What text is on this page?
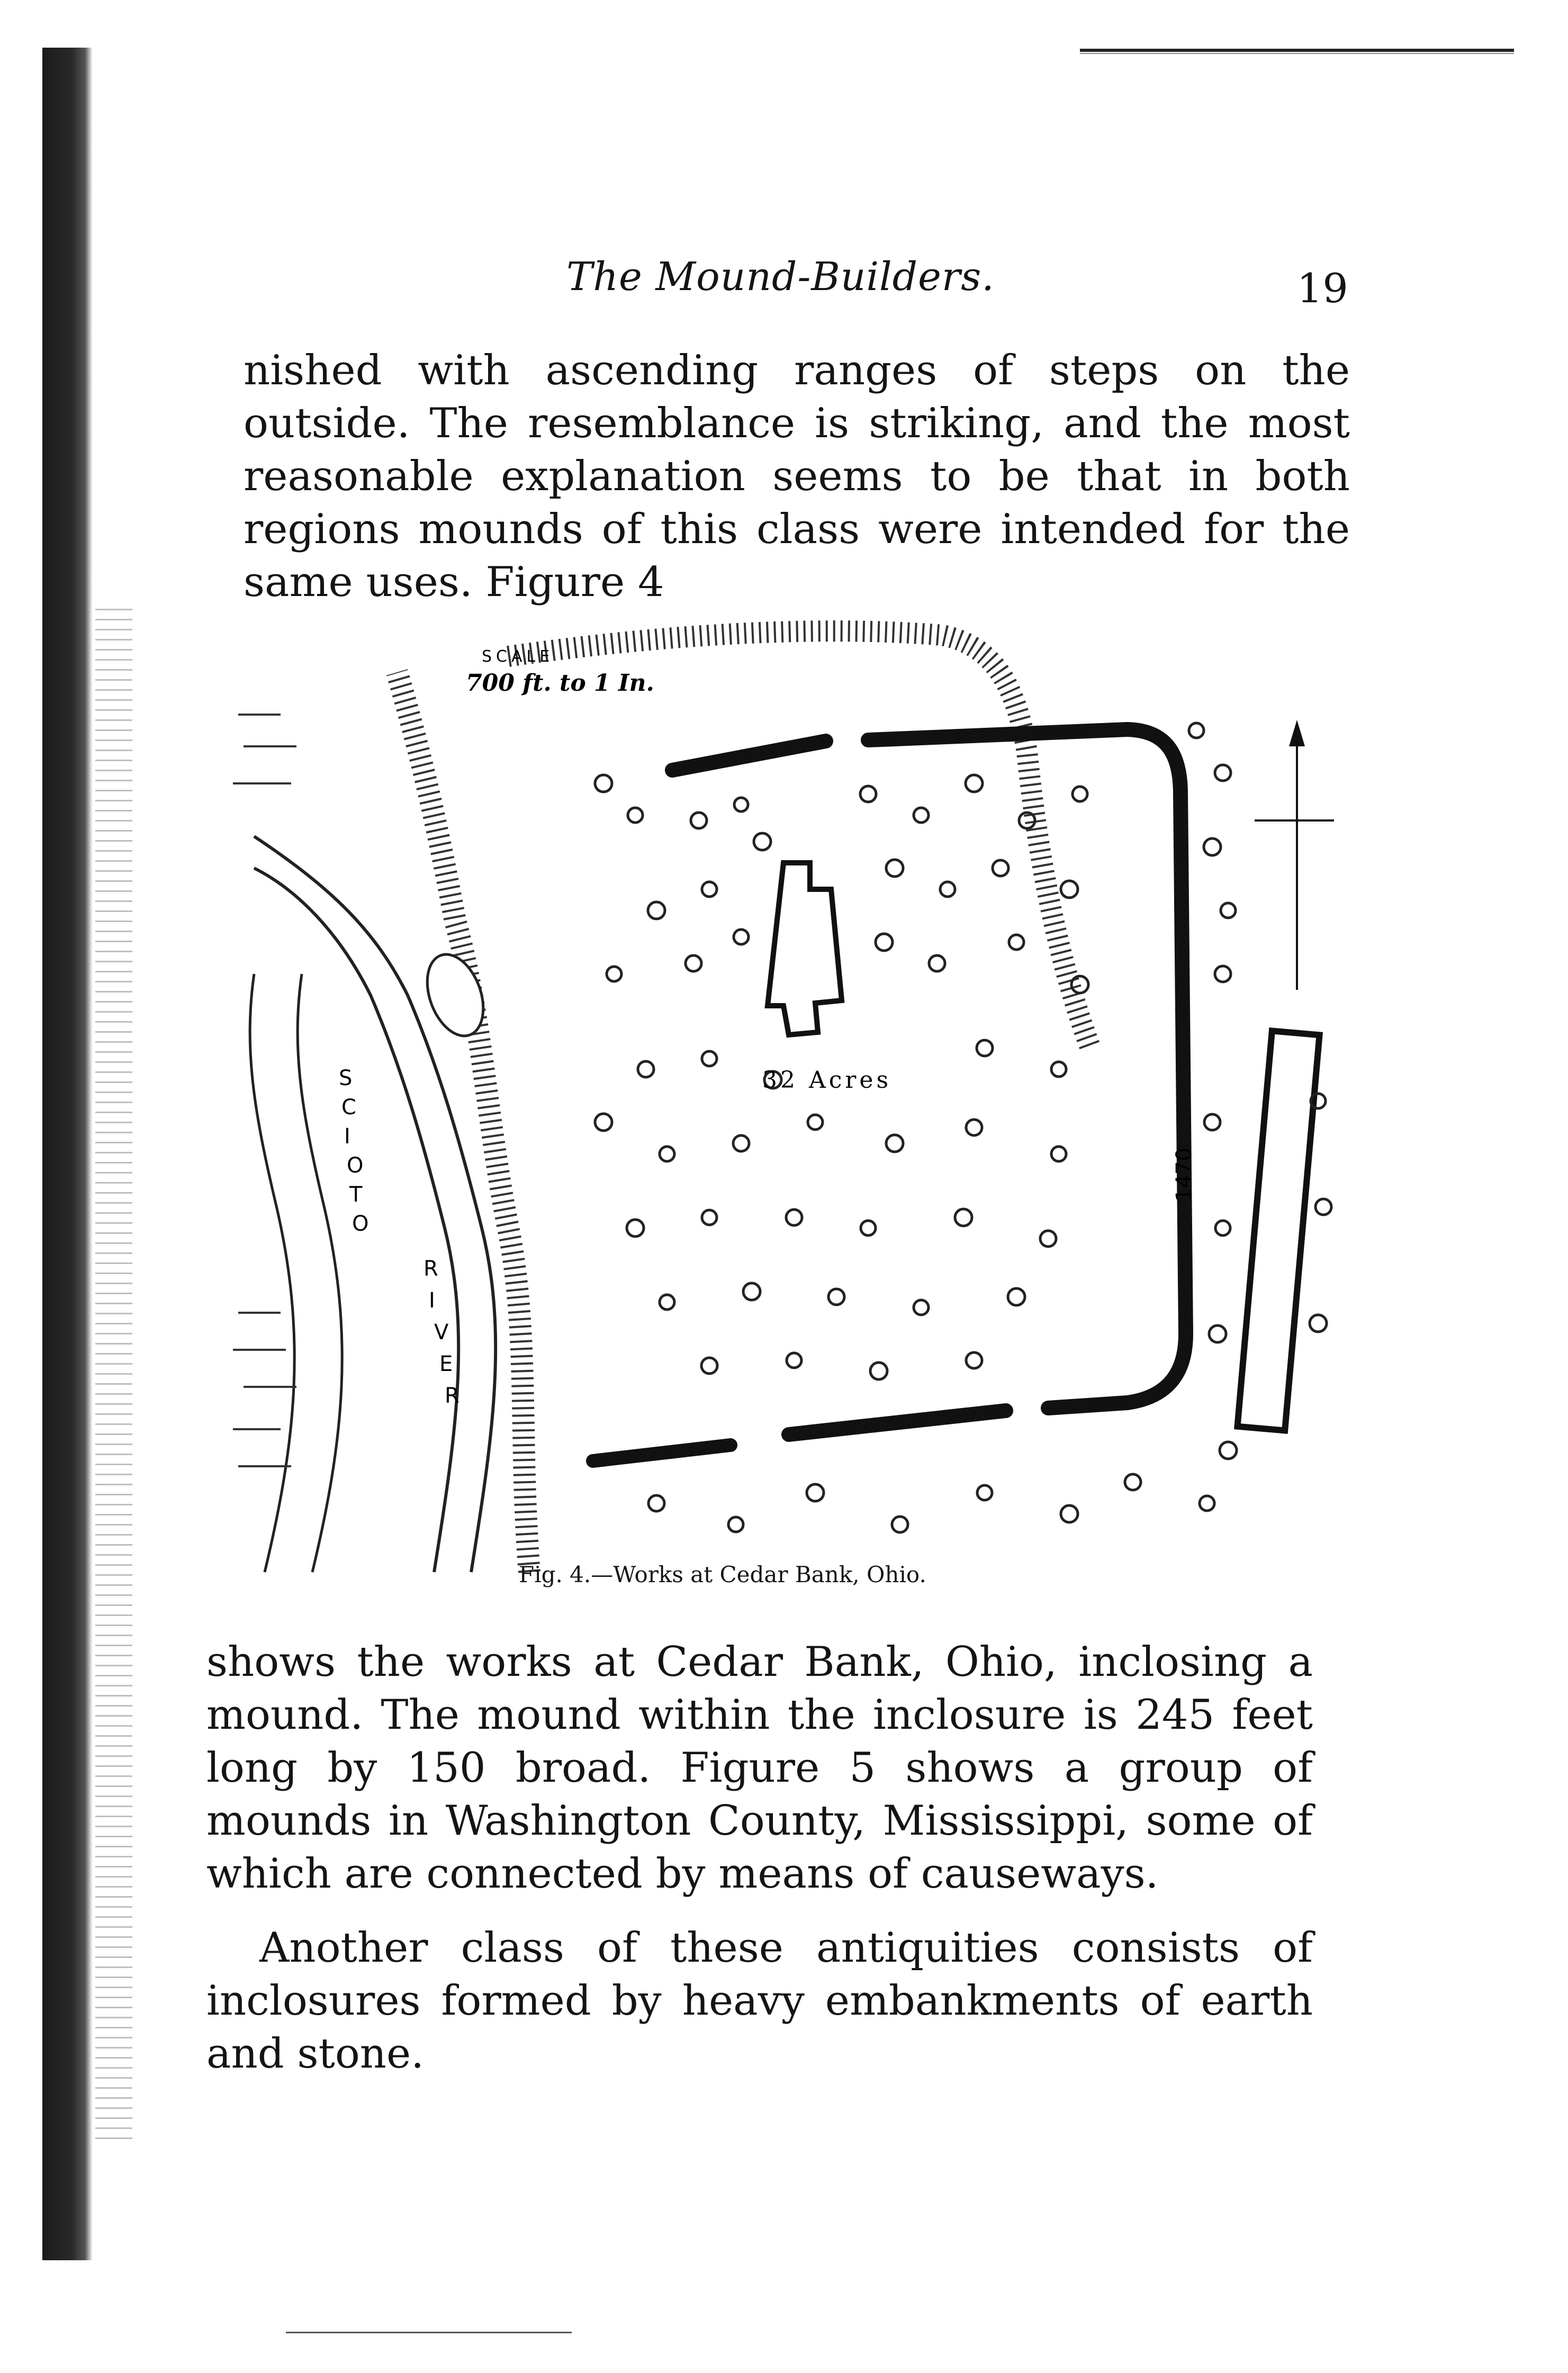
The Mound-Builders.	19

nished with ascending ranges of steps on the outside. The resemblance is striking, and the most reasonable explanation seems to be that in both regions mounds of this class were intended for the same uses. Figure 4

SCALE
700 ft. to 1 In.
32 Acres
S
C
I
O
T
O
R
I
V
E
R
1470
Fig. 4.—Works at Cedar Bank, Ohio.

shows the works at Cedar Bank, Ohio, inclosing a mound. The mound within the inclosure is 245 feet long by 150 broad. Figure 5 shows a group of mounds in Washington County, Mississippi, some of which are connected by means of causeways.

Another class of these antiquities consists of inclosures formed by heavy embankments of earth and stone.
